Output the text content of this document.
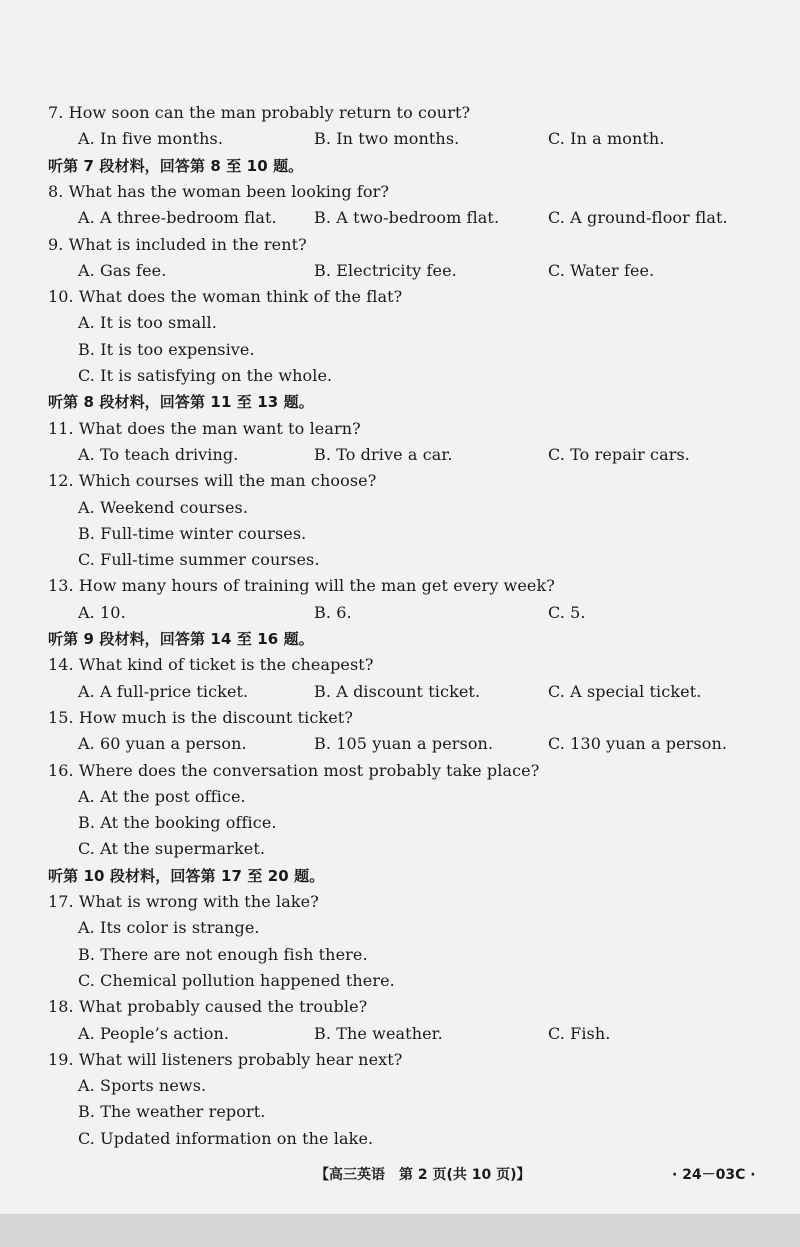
7. How soon can the man probably return to court?
A. In five months.	B. In two months.	C. In a month.
听第 7 段材料，回答第 8 至 10 题。
8. What has the woman been looking for?
A. A three-bedroom flat. B. A two-bedroom flat.	C. A ground-floor flat.
9. What is included in the rent?
A. Gas fee.	B. Electricity fee.	C. Water fee.
10. What does the woman think of the flat?
A. It is too small.
B. It is too expensive.
C. It is satisfying on the whole.
听第 8 段材料，回答第 11 至 13 题。
11. What does the man want to learn?
A. To teach driving.	B. To drive a car.	C. To repair cars.
12. Which courses will the man choose?
A. Weekend courses.
B. Full-time winter courses.
C. Full-time summer courses.
13. How many hours of training will the man get every week?
A. 10.	B. 6.	C. 5.
听第 9 段材料，回答第 14 至 16 题。
14. What kind of ticket is the cheapest?
A. A full-price ticket.	B. A discount ticket.	C. A special ticket.
15. How much is the discount ticket?
A. 60 yuan a person.	B. 105 yuan a person.	C. 130 yuan a person.
16. Where does the conversation most probably take place?
A. At the post office.
B. At the booking office.
C. At the supermarket.
听第 10 段材料，回答第 17 至 20 题。
17. What is wrong with the lake?
A. Its color is strange.
B. There are not enough fish there.
C. Chemical pollution happened there.
18. What probably caused the trouble?
A. People’s action.	B. The weather.	C. Fish.
19. What will listeners probably hear next?
A. Sports news.
B. The weather report.
C. Updated information on the lake.
【高三英语　第 2 页(共 10 页)】	· 24－03C ·
